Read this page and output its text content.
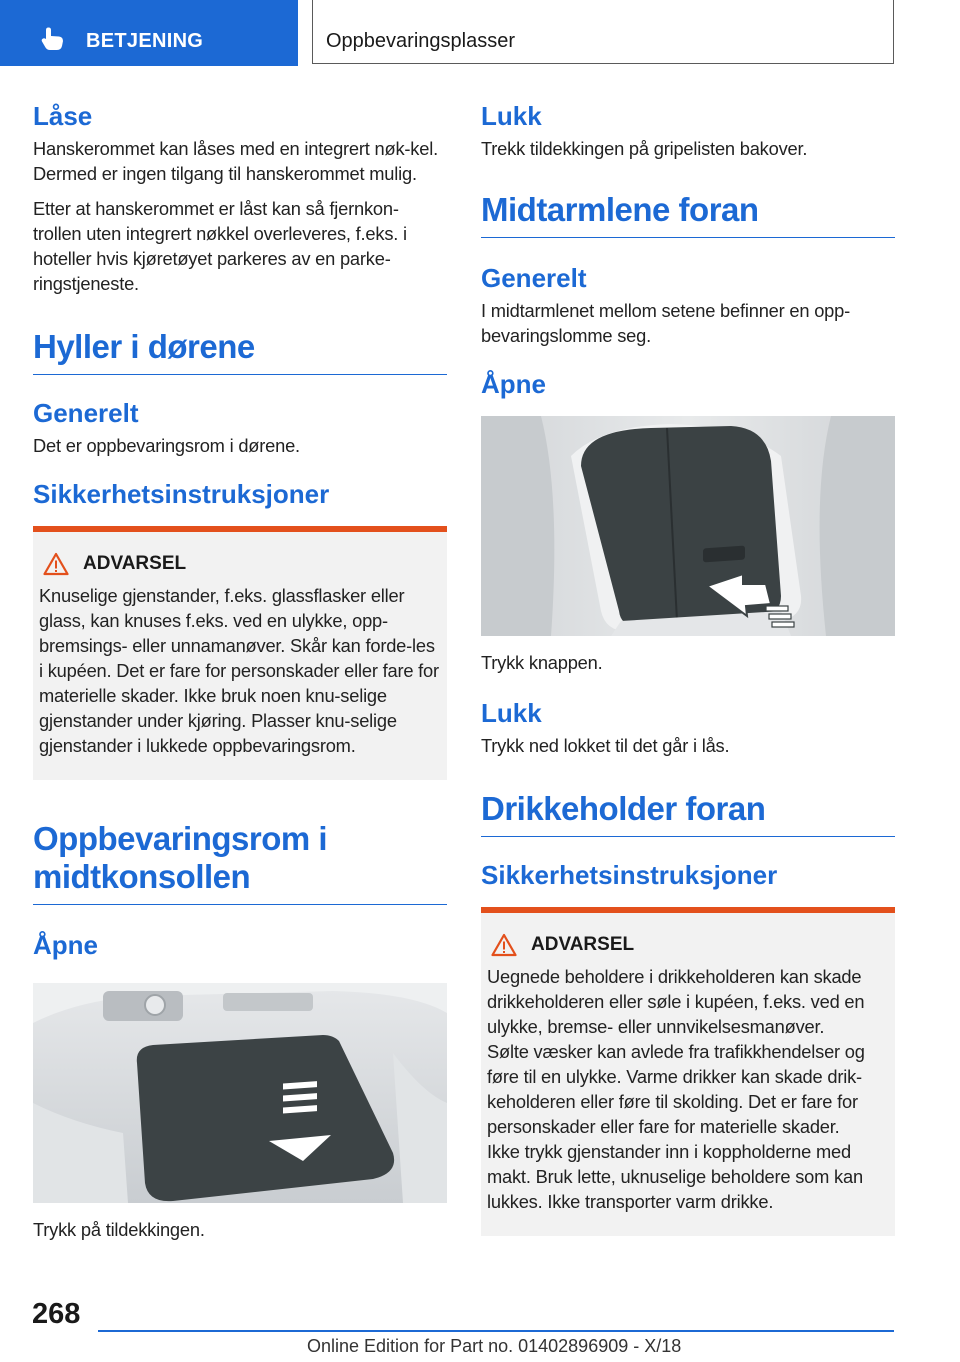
BETJENING	Oppbevaringsplasser
Låse

Hanskerommet kan låses med en integrert nøk-kel. Dermed er ingen tilgang til hanskerommet mulig.

Etter at hanskerommet er låst kan så fjernkon-trollen uten integrert nøkkel overleveres, f.eks. i hoteller hvis kjøretøyet parkeres av en parke-ringstjeneste.

Hyller i dørene
Generelt

Det er oppbevaringsrom i dørene.

Sikkerhetsinstruksjoner
ADVARSEL

Knuselige gjenstander, f.eks. glassflasker eller glass, kan knuses f.eks. ved en ulykke, opp-bremsings- eller unnamanøver. Skår kan forde-les i kupéen. Det er fare for personskader eller fare for materielle skader. Ikke bruk noen knu-selige gjenstander under kjøring. Plasser knu-selige gjenstander i lukkede oppbevaringsrom.

Oppbevaringsrom i midtkonsollen
Åpne

Trykk på tildekkingen.

Lukk

Trekk tildekkingen på gripelisten bakover.

Midtarmlene foran
Generelt

I midtarmlenet mellom setene befinner en opp-bevaringslomme seg.

Åpne

Trykk knappen.

Lukk

Trykk ned lokket til det går i lås.

Drikkeholder foran
Sikkerhetsinstruksjoner
ADVARSEL

Uegnede beholdere i drikkeholderen kan skade drikkeholderen eller søle i kupéen, f.eks. ved en ulykke, bremse- eller unnvikelsesmanøver.

Sølte væsker kan avlede fra trafikkhendelser og føre til en ulykke. Varme drikker kan skade drik-keholderen eller føre til skolding. Det er fare for personskader eller fare for materielle skader.

Ikke trykk gjenstander inn i koppholderne med makt. Bruk lette, uknuselige beholdere som kan lukkes. Ikke transporter varm drikke.

268
Online Edition for Part no. 01402896909 - X/18
